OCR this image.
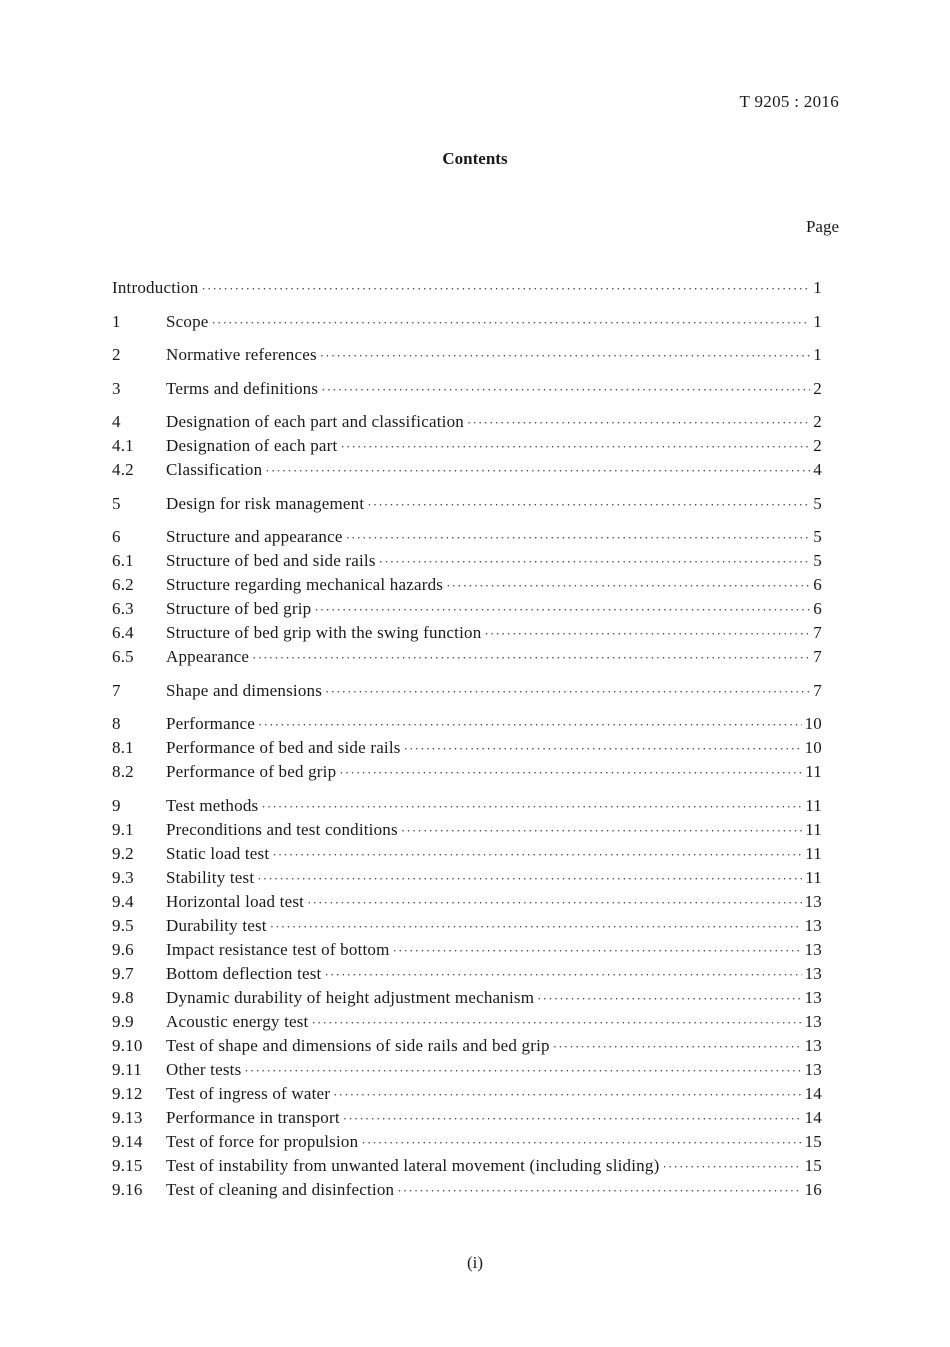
T 9205 : 2016
Contents
Page
Introduction ·····	1
1	Scope ·····	1
2	Normative references ·····	1
3	Terms and definitions ·····	2
4	Designation of each part and classification ·····	2
4.1	Designation of each part ·····	2
4.2	Classification ·····	4
5	Design for risk management ·····	5
6	Structure and appearance ·····	5
6.1	Structure of bed and side rails ·····	5
6.2	Structure regarding mechanical hazards ·····	6
6.3	Structure of bed grip ·····	6
6.4	Structure of bed grip with the swing function ·····	7
6.5	Appearance ·····	7
7	Shape and dimensions ·····	7
8	Performance ·····	10
8.1	Performance of bed and side rails ·····	10
8.2	Performance of bed grip ·····	11
9	Test methods ·····	11
9.1	Preconditions and test conditions ·····	11
9.2	Static load test ·····	11
9.3	Stability test ·····	11
9.4	Horizontal load test ·····	13
9.5	Durability test ·····	13
9.6	Impact resistance test of bottom ·····	13
9.7	Bottom deflection test ·····	13
9.8	Dynamic durability of height adjustment mechanism ·····	13
9.9	Acoustic energy test ·····	13
9.10	Test of shape and dimensions of side rails and bed grip ·····	13
9.11	Other tests ·····	13
9.12	Test of ingress of water ·····	14
9.13	Performance in transport ·····	14
9.14	Test of force for propulsion ·····	15
9.15	Test of instability from unwanted lateral movement (including sliding) ·····	15
9.16	Test of cleaning and disinfection ·····	16
(i)
